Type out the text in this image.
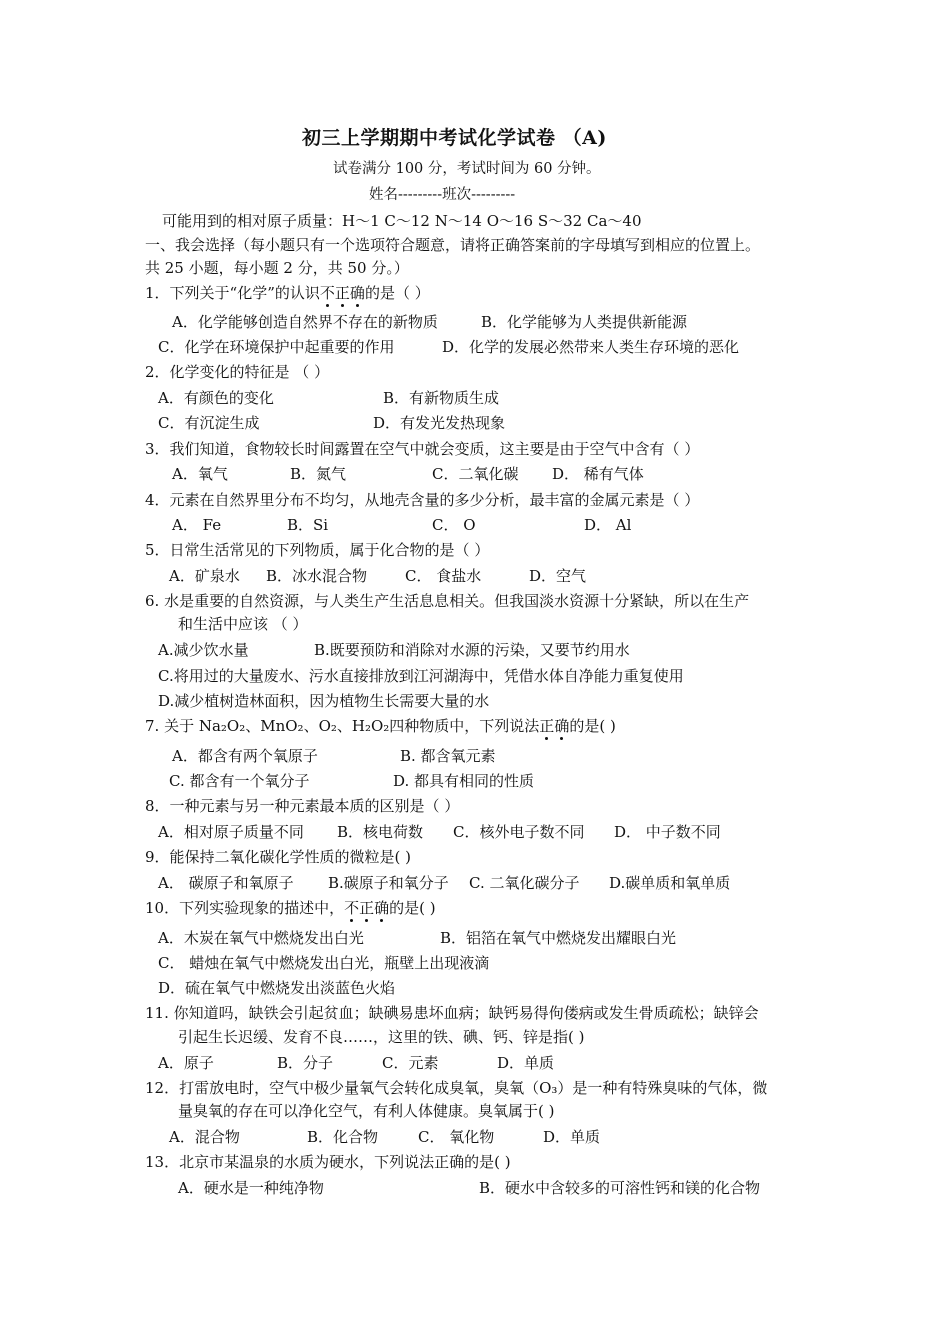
初三上学期期中考试化学试卷 （A)
试卷满分 100 分，考试时间为 60 分钟。
姓名---------班次---------
可能用到的相对原子质量：H～1 C～12 N～14 O～16 S～32 Ca～40
一、我会选择（每小题只有一个选项符合题意，请将正确答案前的字母填写到相应的位置上。
共 25 小题，每小题 2 分，共 50 分。）
1．下列关于“化学”的认识不正确的是（ ）
A．化学能够创造自然界不存在的新物质	B．化学能够为人类提供新能源
C．化学在环境保护中起重要的作用	D．化学的发展必然带来人类生存环境的恶化
2．化学变化的特征是 （ ）
A．有颜色的变化	B．有新物质生成
C．有沉淀生成	D．有发光发热现象
3．我们知道，食物较长时间露置在空气中就会变质，这主要是由于空气中含有（ ）
A．氧气	B．氮气	C．二氧化碳 D． 稀有气体
4．元素在自然界里分布不均匀，从地壳含量的多少分析，最丰富的金属元素是（ ）
A． Fe	B．Si	C． O	D． Al
5．日常生活常见的下列物质，属于化合物的是（ ）
A．矿泉水 B．冰水混合物	C． 食盐水	D．空气
6. 水是重要的自然资源，与人类生产生活息息相关。但我国淡水资源十分紧缺，所以在生产
和生活中应该 （ ）
A.减少饮水量	B.既要预防和消除对水源的污染，又要节约用水
C.将用过的大量废水、污水直接排放到江河湖海中，凭借水体自净能力重复使用
D.减少植树造林面积，因为植物生长需要大量的水
7. 关于 Na₂O₂、MnO₂、O₂、H₂O₂四种物质中，下列说法正确的是( )
A．都含有两个氧原子	B. 都含氧元素
C. 都含有一个氧分子	D. 都具有相同的性质
8．一种元素与另一种元素最本质的区别是（ ）
A．相对原子质量不同 B．核电荷数 C．核外电子数不同 D． 中子数不同
9．能保持二氧化碳化学性质的微粒是( )
A． 碳原子和氧原子 B.碳原子和氧分子 C. 二氧化碳分子 D.碳单质和氧单质
10．下列实验现象的描述中，不正确的是( )
A．木炭在氧气中燃烧发出白光	B．铝箔在氧气中燃烧发出耀眼白光
C． 蜡烛在氧气中燃烧发出白光，瓶壁上出现液滴
D．硫在氧气中燃烧发出淡蓝色火焰
11. 你知道吗，缺铁会引起贫血；缺碘易患坏血病；缺钙易得佝偻病或发生骨质疏松；缺锌会
引起生长迟缓、发育不良……，这里的铁、碘、钙、锌是指( )
A．原子	B．分子	C．元素	D．单质
12．打雷放电时，空气中极少量氧气会转化成臭氧，臭氧（O₃）是一种有特殊臭味的气体，微
量臭氧的存在可以净化空气，有利人体健康。臭氧属于( )
A．混合物	B．化合物	C． 氧化物	D．单质
13．北京市某温泉的水质为硬水，下列说法正确的是( )
A．硬水是一种纯净物	B．硬水中含较多的可溶性钙和镁的化合物
